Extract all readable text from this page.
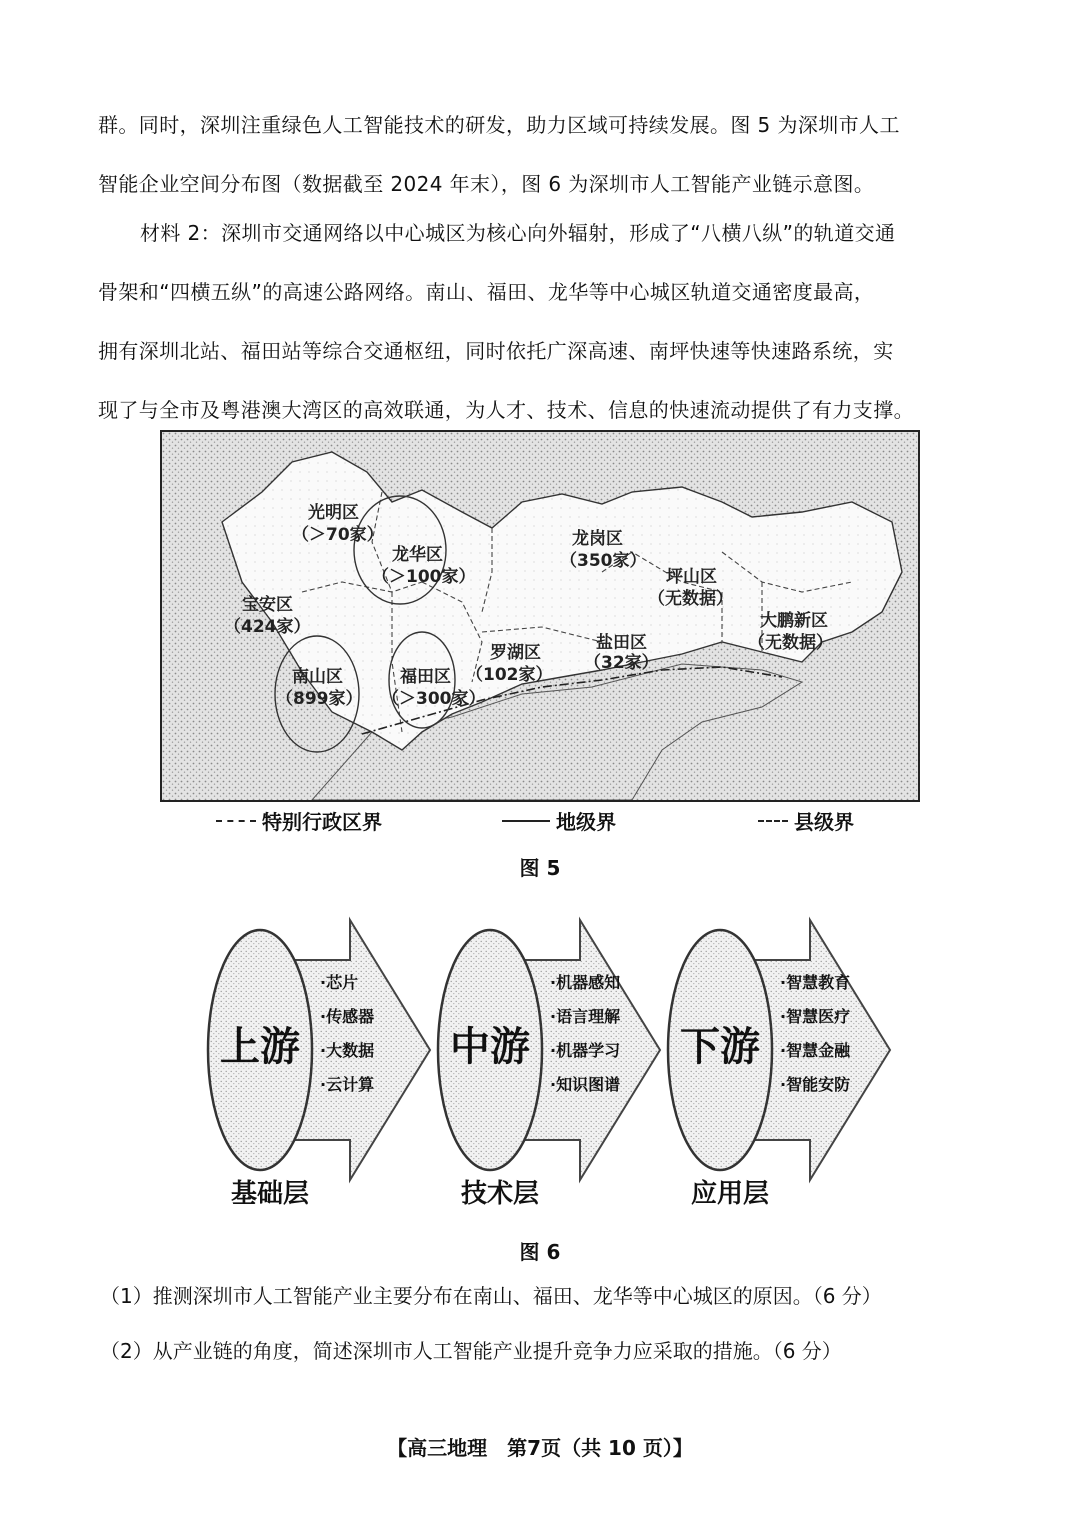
群。同时，深圳注重绿色人工智能技术的研发，助力区域可持续发展。图 5 为深圳市人工
智能企业空间分布图（数据截至 2024 年末），图 6 为深圳市人工智能产业链示意图。
材料 2：深圳市交通网络以中心城区为核心向外辐射，形成了“八横八纵”的轨道交通
骨架和“四横五纵”的高速公路网络。南山、福田、龙华等中心城区轨道交通密度最高，
拥有深圳北站、福田站等综合交通枢纽，同时依托广深高速、南坪快速等快速路系统，实
现了与全市及粤港澳大湾区的高效联通，为人才、技术、信息的快速流动提供了有力支撑。
光明区
（＞70家）
龙华区
（＞100家）
龙岗区
（350家）
坪山区
（无数据）
宝安区
（424家）	大鹏新区
（无数据）
盐田区
（32家）
罗湖区
（102家）
南山区
（899家）
福田区
（＞300家）
特别行政区界	地级界	县级界
图 5
上游	中游	下游
·芯片
·传感器
·大数据
·云计算
·机器感知
·语言理解
·机器学习
·知识图谱
·智慧教育
·智慧医疗
·智慧金融
·智能安防
基础层	技术层	应用层
图 6
（1）推测深圳市人工智能产业主要分布在南山、福田、龙华等中心城区的原因。（6 分）
（2）从产业链的角度，简述深圳市人工智能产业提升竞争力应采取的措施。（6 分）
【高三地理　第7页（共 10 页）】
